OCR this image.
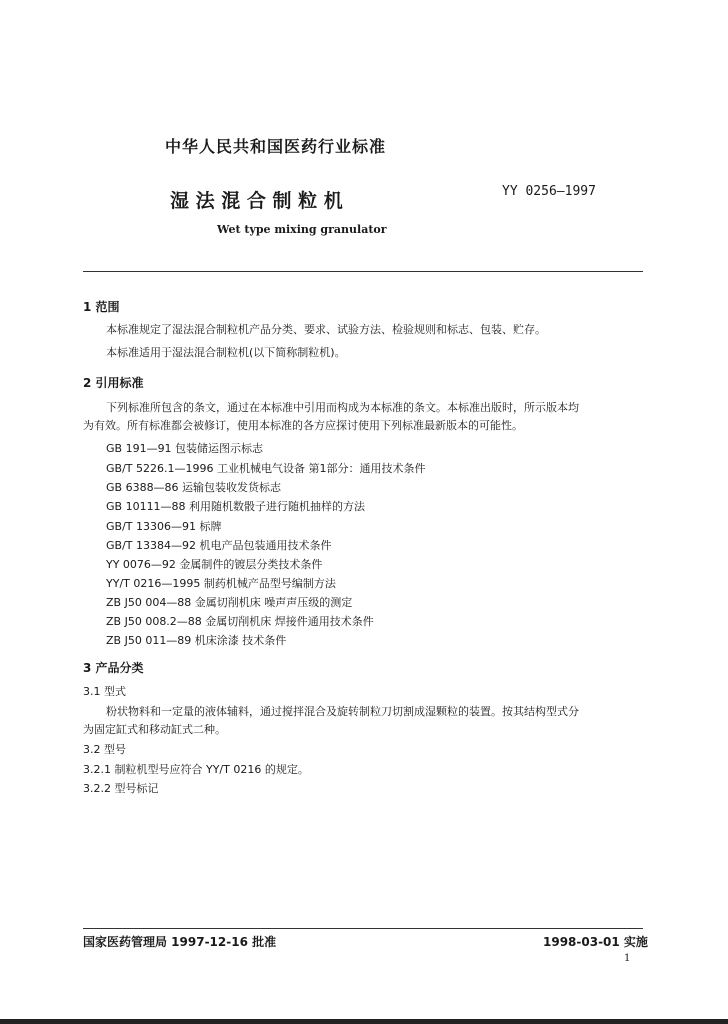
中华人民共和国医药行业标准
湿 法 混 合 制 粒 机	YY 0256—1997
Wet type mixing granulator
1 范围
本标准规定了湿法混合制粒机产品分类、要求、试验方法、检验规则和标志、包装、贮存。
本标准适用于湿法混合制粒机(以下简称制粒机)。
2 引用标准
下列标准所包含的条文，通过在本标准中引用而构成为本标准的条文。本标准出版时，所示版本均
为有效。所有标准都会被修订，使用本标准的各方应探讨使用下列标准最新版本的可能性。
GB 191—91 包装储运图示标志
GB/T 5226.1—1996 工业机械电气设备 第1部分：通用技术条件
GB 6388—86 运输包装收发货标志
GB 10111—88 利用随机数骰子进行随机抽样的方法
GB/T 13306—91 标牌
GB/T 13384—92 机电产品包装通用技术条件
YY 0076—92 金属制件的镀层分类技术条件
YY/T 0216—1995 制药机械产品型号编制方法
ZB J50 004—88 金属切削机床 噪声声压级的测定
ZB J50 008.2—88 金属切削机床 焊接件通用技术条件
ZB J50 011—89 机床涂漆 技术条件
3 产品分类
3.1 型式
粉状物料和一定量的液体辅料，通过搅拌混合及旋转制粒刀切割成湿颗粒的装置。按其结构型式分
为固定缸式和移动缸式二种。
3.2 型号
3.2.1 制粒机型号应符合 YY/T 0216 的规定。
3.2.2 型号标记
国家医药管理局 1997-12-16 批准	1998-03-01 实施
1
